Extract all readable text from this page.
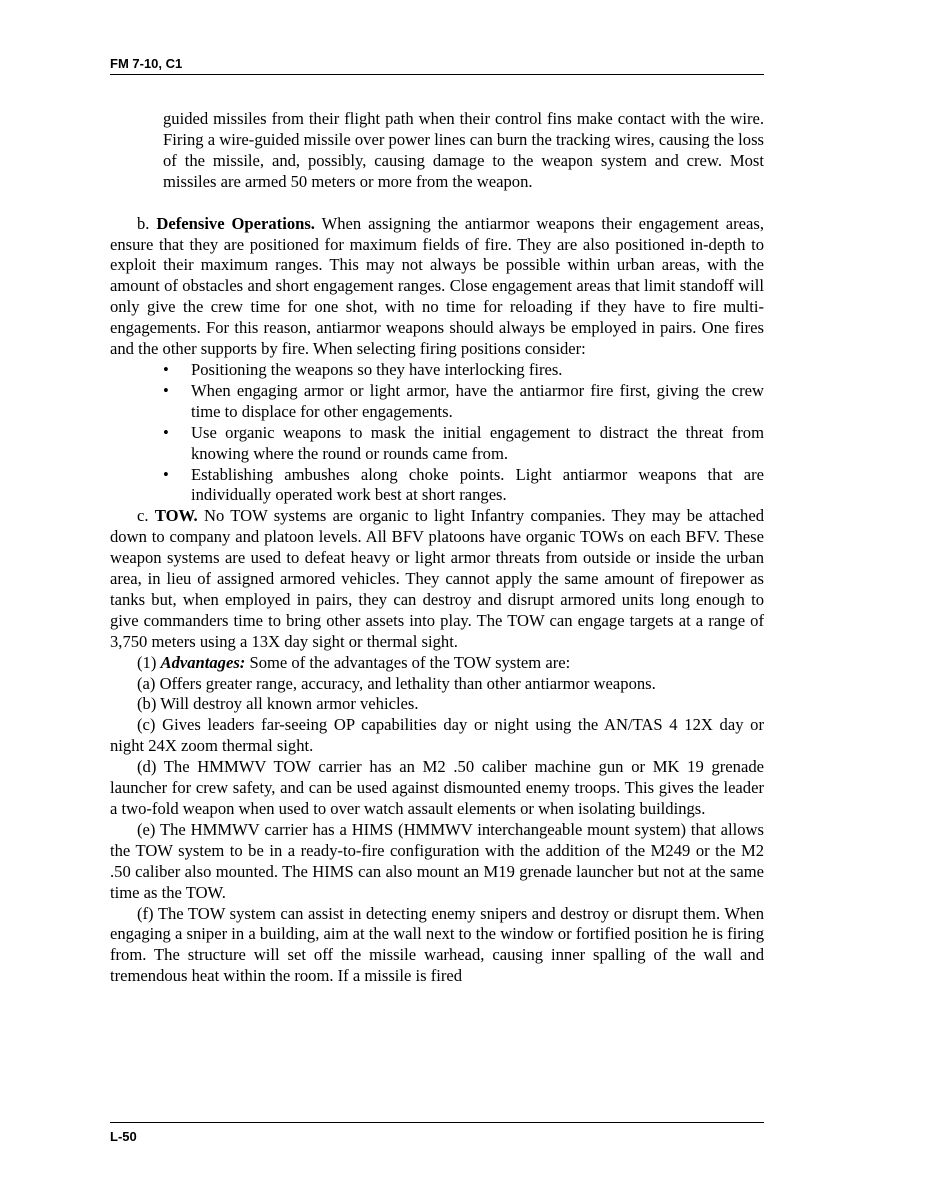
FM 7-10, C1

guided missiles from their flight path when their control fins make contact with the wire. Firing a wire-guided missile over power lines can burn the tracking wires, causing the loss of the missile, and, possibly, causing damage to the weapon system and crew. Most missiles are armed 50 meters or more from the weapon.

b. Defensive Operations. When assigning the antiarmor weapons their engagement areas, ensure that they are positioned for maximum fields of fire. They are also positioned in-depth to exploit their maximum ranges. This may not always be possible within urban areas, with the amount of obstacles and short engagement ranges. Close engagement areas that limit standoff will only give the crew time for one shot, with no time for reloading if they have to fire multi-engagements. For this reason, antiarmor weapons should always be employed in pairs. One fires and the other supports by fire. When selecting firing positions consider:

• Positioning the weapons so they have interlocking fires.
• When engaging armor or light armor, have the antiarmor fire first, giving the crew time to displace for other engagements.
• Use organic weapons to mask the initial engagement to distract the threat from knowing where the round or rounds came from.
• Establishing ambushes along choke points. Light antiarmor weapons that are individually operated work best at short ranges.

c. TOW. No TOW systems are organic to light Infantry companies. They may be attached down to company and platoon levels. All BFV platoons have organic TOWs on each BFV. These weapon systems are used to defeat heavy or light armor threats from outside or inside the urban area, in lieu of assigned armored vehicles. They cannot apply the same amount of firepower as tanks but, when employed in pairs, they can destroy and disrupt armored units long enough to give commanders time to bring other assets into play. The TOW can engage targets at a range of 3,750 meters using a 13X day sight or thermal sight.

(1) Advantages: Some of the advantages of the TOW system are:

(a) Offers greater range, accuracy, and lethality than other antiarmor weapons.

(b) Will destroy all known armor vehicles.

(c) Gives leaders far-seeing OP capabilities day or night using the AN/TAS 4 12X day or night 24X zoom thermal sight.

(d) The HMMWV TOW carrier has an M2 .50 caliber machine gun or MK 19 grenade launcher for crew safety, and can be used against dismounted enemy troops. This gives the leader a two-fold weapon when used to over watch assault elements or when isolating buildings.

(e) The HMMWV carrier has a HIMS (HMMWV interchangeable mount system) that allows the TOW system to be in a ready-to-fire configuration with the addition of the M249 or the M2 .50 caliber also mounted. The HIMS can also mount an M19 grenade launcher but not at the same time as the TOW.

(f) The TOW system can assist in detecting enemy snipers and destroy or disrupt them. When engaging a sniper in a building, aim at the wall next to the window or fortified position he is firing from. The structure will set off the missile warhead, causing inner spalling of the wall and tremendous heat within the room. If a missile is fired

L-50
